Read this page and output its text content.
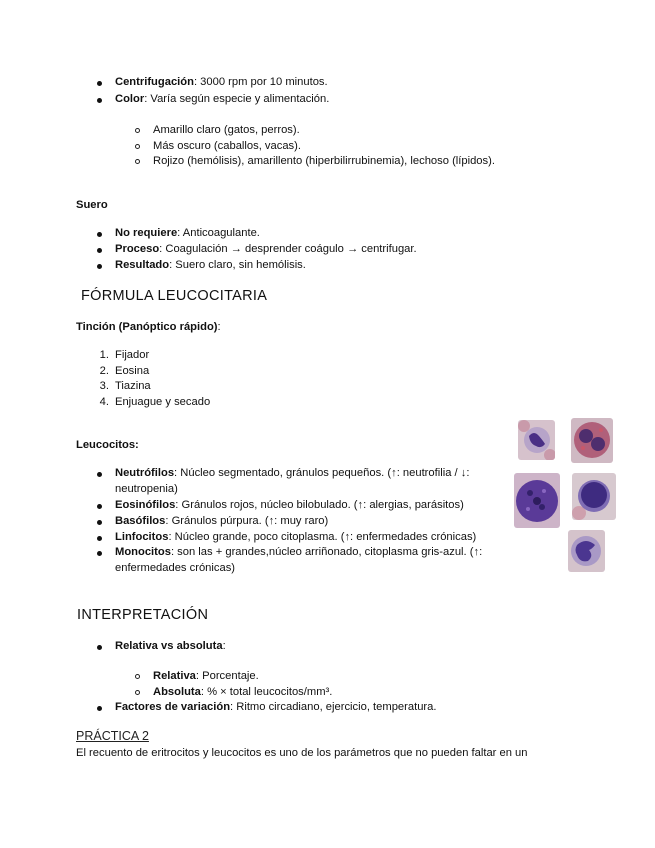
Centrifugación: 3000 rpm por 10 minutos.
Color: Varía según especie y alimentación.
Amarillo claro (gatos, perros).
Más oscuro (caballos, vacas).
Rojizo (hemólisis), amarillento (hiperbilirrubinemia), lechoso (lípidos).
Suero
No requiere: Anticoagulante.
Proceso: Coagulación → desprender coágulo → centrifugar.
Resultado: Suero claro, sin hemólisis.
FÓRMULA LEUCOCITARIA
Tinción (Panóptico rápido):
1. Fijador
2. Eosina
3. Tiazina
4. Enjuague y secado
Leucocitos:
Neutrófilos: Núcleo segmentado, gránulos pequeños. (↑: neutrofilia / ↓:
neutropenia)
Eosinófilos: Gránulos rojos, núcleo bilobulado. (↑: alergias, parásitos)
Basófilos: Gránulos púrpura. (↑: muy raro)
Linfocitos: Núcleo grande, poco citoplasma. (↑: enfermedades crónicas)
Monocitos: son las + grandes,núcleo arriñonado, citoplasma gris-azul. (↑:
enfermedades crónicas)
INTERPRETACIÓN
Relativa vs absoluta:
Relativa: Porcentaje.
Absoluta: % × total leucocitos/mm³.
Factores de variación: Ritmo circadiano, ejercicio, temperatura.
PRÁCTICA 2
El recuento de eritrocitos y leucocitos es uno de los parámetros que no pueden faltar en un
